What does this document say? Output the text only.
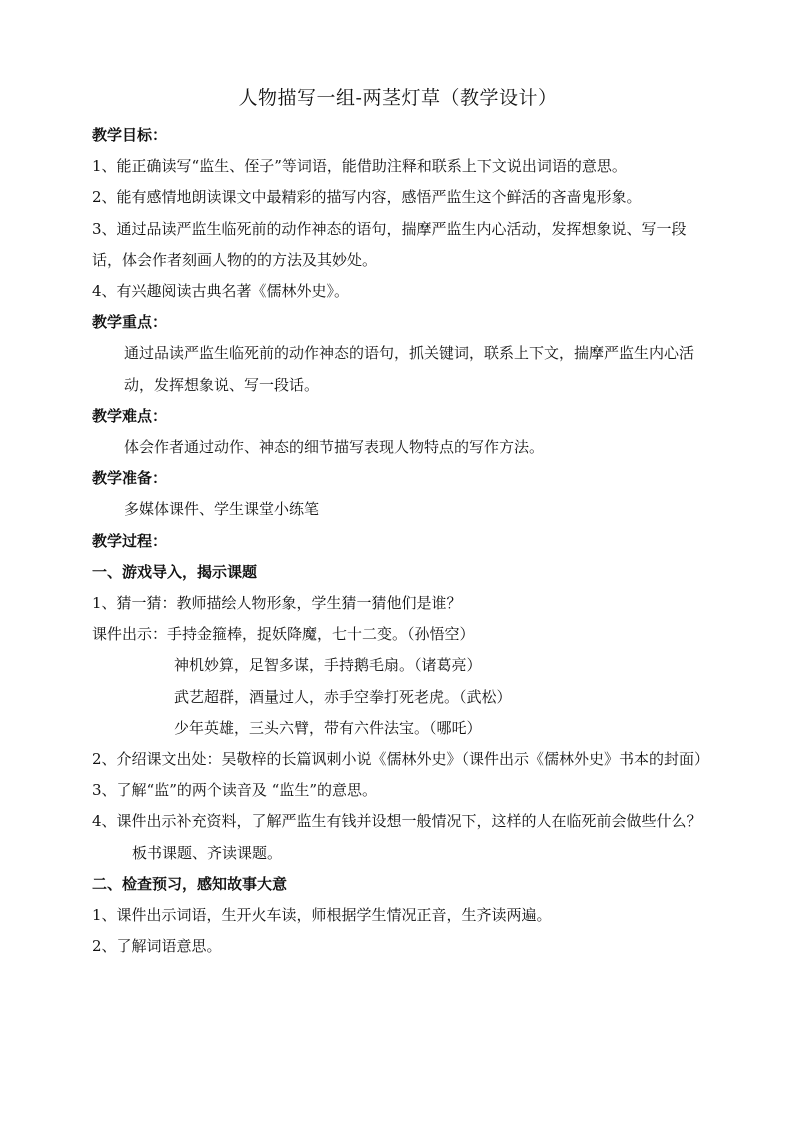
人物描写一组-两茎灯草（教学设计）

教学目标：

1、能正确读写“监生、侄子”等词语，能借助注释和联系上下文说出词语的意思。

2、能有感情地朗读课文中最精彩的描写内容，感悟严监生这个鲜活的吝啬鬼形象。

3、通过品读严监生临死前的动作神态的语句，揣摩严监生内心活动，发挥想象说、写一段话，体会作者刻画人物的的方法及其妙处。

4、有兴趣阅读古典名著《儒林外史》。

教学重点：

通过品读严监生临死前的动作神态的语句，抓关键词，联系上下文，揣摩严监生内心活动，发挥想象说、写一段话。

教学难点：

体会作者通过动作、神态的细节描写表现人物特点的写作方法。

教学准备：

多媒体课件、学生课堂小练笔

教学过程：

一、游戏导入，揭示课题

1、猜一猜：教师描绘人物形象，学生猜一猜他们是谁？

课件出示：手持金箍棒，捉妖降魔，七十二变。（孙悟空）

神机妙算，足智多谋，手持鹅毛扇。（诸葛亮）

武艺超群，酒量过人，赤手空拳打死老虎。（武松）

少年英雄，三头六臂，带有六件法宝。（哪吒）

2、介绍课文出处：吴敬梓的长篇讽刺小说《儒林外史》（课件出示《儒林外史》书本的封面）

3、了解“监”的两个读音及 “监生”的意思。

4、课件出示补充资料，了解严监生有钱并设想一般情况下，这样的人在临死前会做些什么？

板书课题、齐读课题。

二、检查预习，感知故事大意

1、课件出示词语，生开火车读，师根据学生情况正音，生齐读两遍。

2、了解词语意思。
